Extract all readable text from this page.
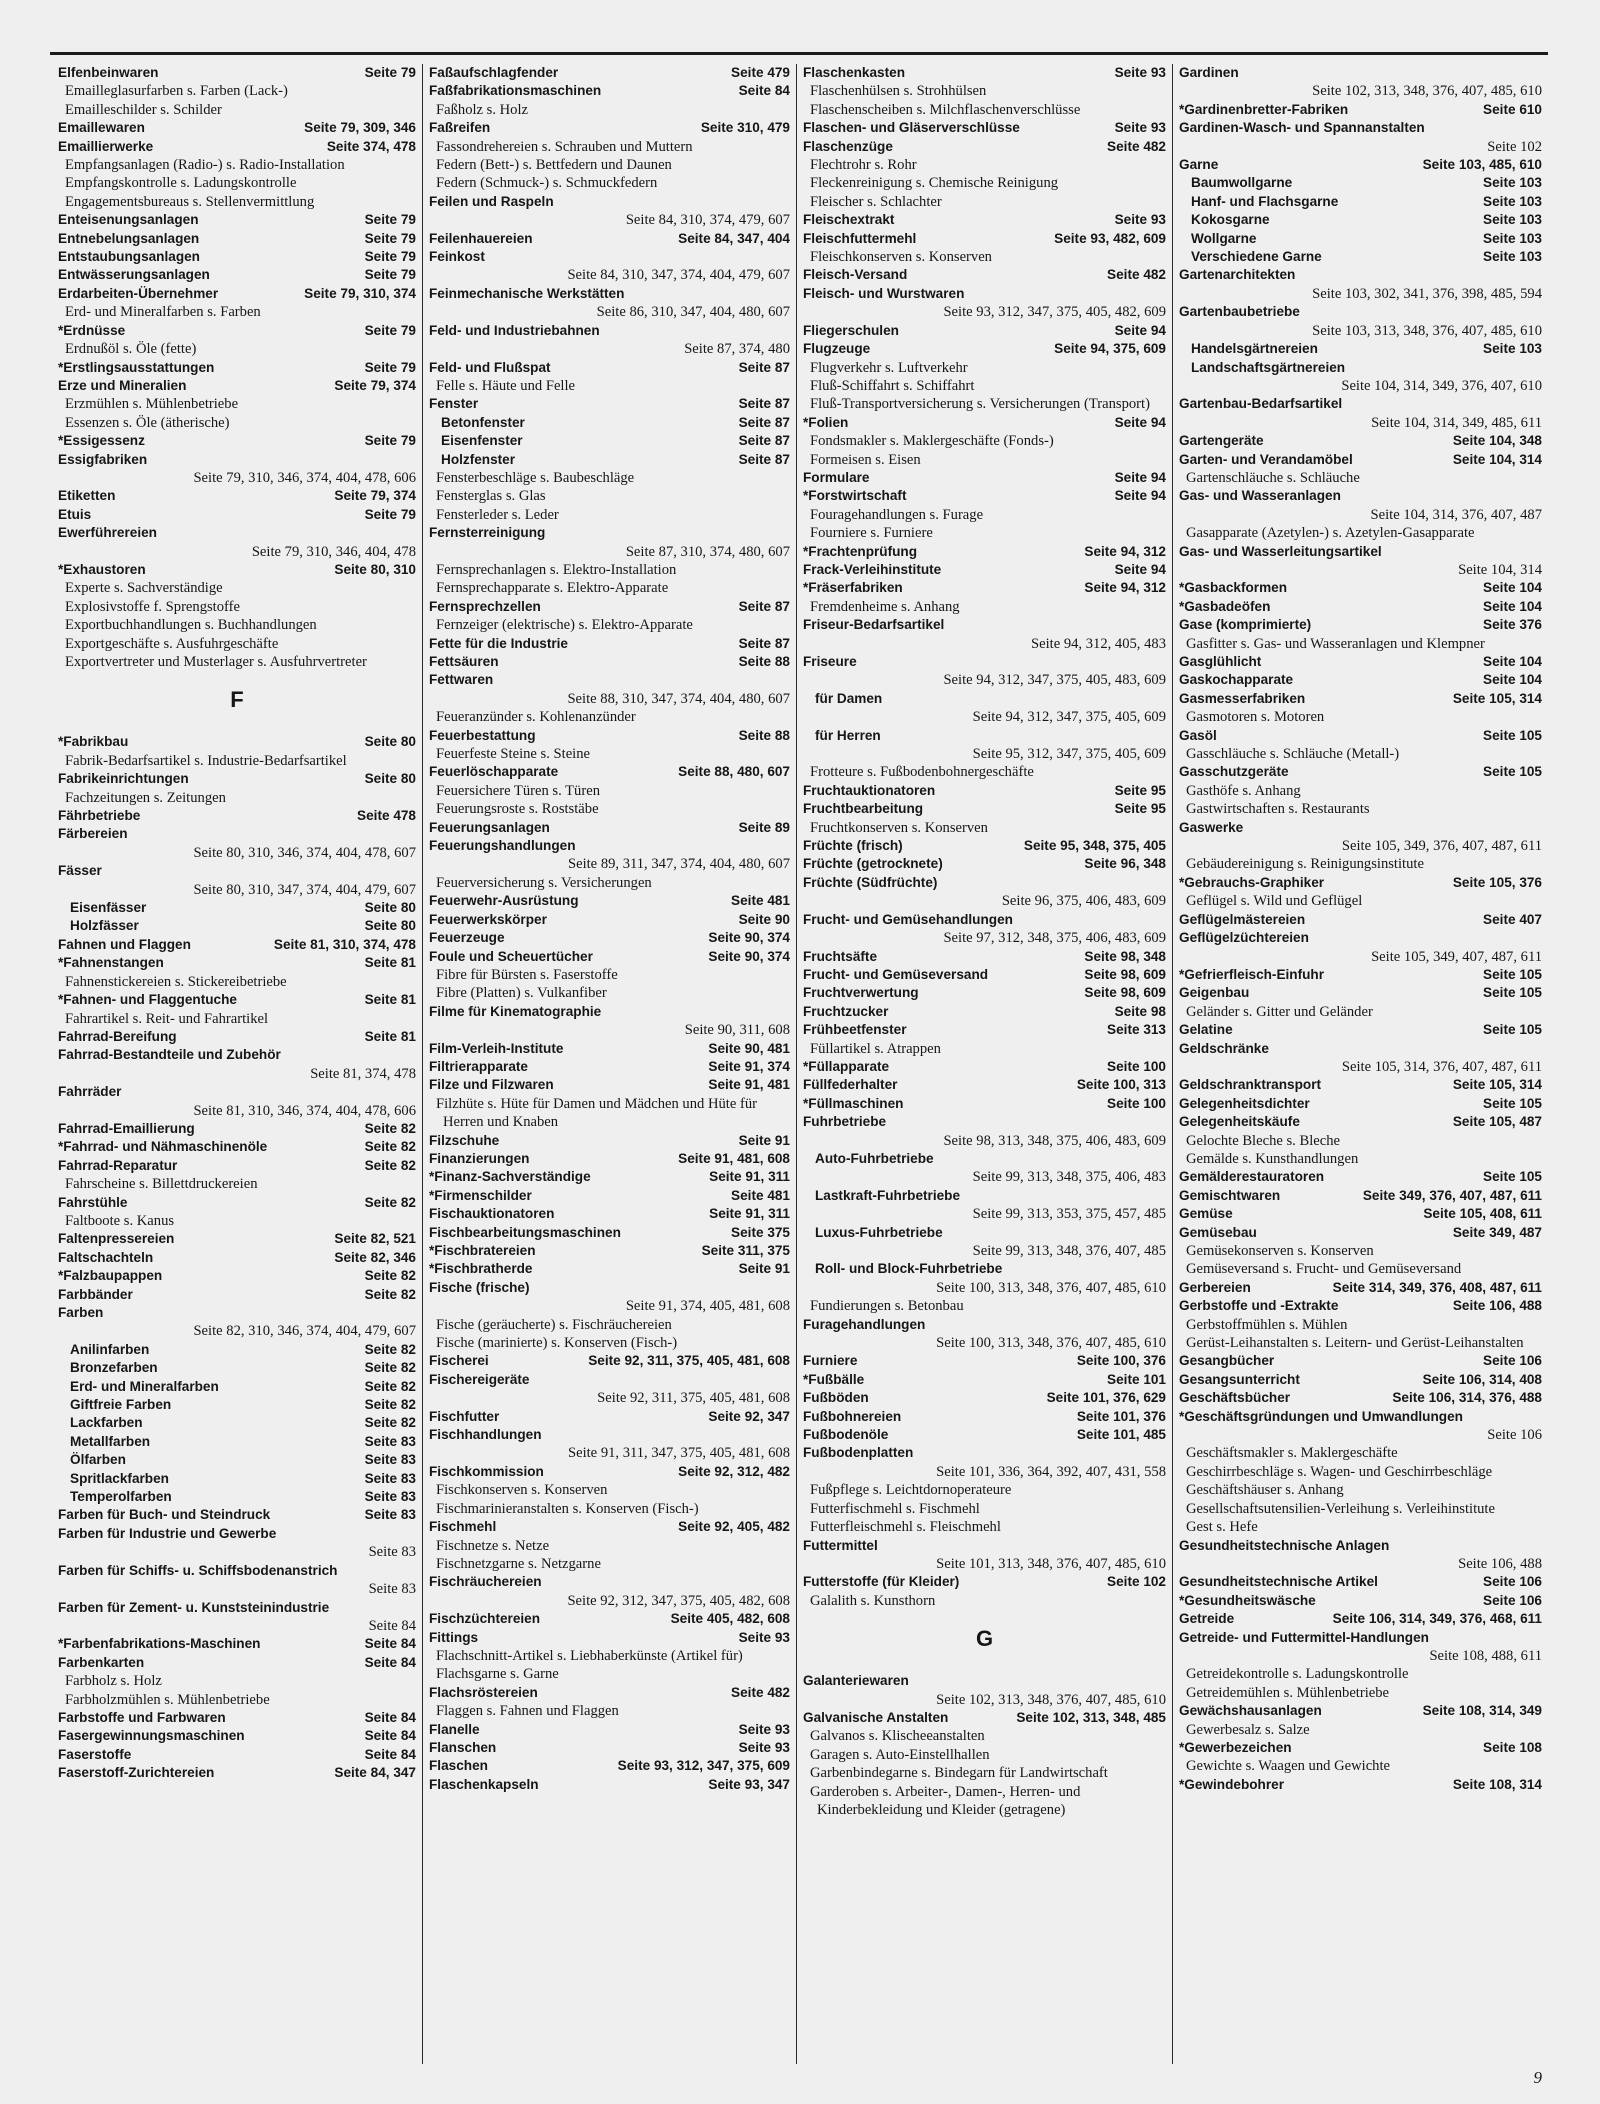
Seite 79
Elfenbeinwaren
Emailleglasurfarben s. Farben (Lack-)
Emailleschilder s. Schilder
Seite 79, 309, 346
Emaillewaren
Seite 374, 478
Emaillierwerke
Empfangsanlagen (Radio-) s. Radio-Installation
Empfangskontrolle s. Ladungskontrolle
Engagementsbureaus s. Stellenvermittlung
Seite 79
Enteisenungsanlagen
Seite 79
Entnebelungsanlagen
Seite 79
Entstaubungsanlagen
Seite 79
Entwässerungsanlagen
Seite 79, 310, 374
Erdarbeiten-Übernehmer
Erd- und Mineralfarben s. Farben
Seite 79
*Erdnüsse
Erdnußöl s. Öle (fette)
Seite 79
*Erstlingsausstattungen
Seite 79, 374
Erze und Mineralien
Erzmühlen s. Mühlenbetriebe
Essenzen s. Öle (ätherische)
Seite 79
*Essigessenz
Essigfabriken
Seite 79, 310, 346, 374, 404, 478, 606
Seite 79, 374
Etiketten
Seite 79
Etuis
Ewerführereien
Seite 79, 310, 346, 404, 478
Seite 80, 310
*Exhaustoren
Experte s. Sachverständige
Explosivstoffe f. Sprengstoffe
Exportbuchhandlungen s. Buchhandlungen
Exportgeschäfte s. Ausfuhrgeschäfte
Exportvertreter und Musterlager s. Ausfuhrvertreter
F
Seite 80
*Fabrikbau
Fabrik-Bedarfsartikel s. Industrie-Bedarfsartikel
Seite 80
Fabrikeinrichtungen
Fachzeitungen s. Zeitungen
Seite 478
Fährbetriebe
Färbereien
Seite 80, 310, 346, 374, 404, 478, 607
Fässer
Seite 80, 310, 347, 374, 404, 479, 607
Seite 80
Eisenfässer
Seite 80
Holzfässer
Seite 81, 310, 374, 478
Fahnen und Flaggen
Seite 81
*Fahnenstangen
Fahnenstickereien s. Stickereibetriebe
Seite 81
*Fahnen- und Flaggentuche
Fahrartikel s. Reit- und Fahrartikel
Seite 81
Fahrrad-Bereifung
Fahrrad-Bestandteile und Zubehör
Seite 81, 374, 478
Fahrräder
Seite 81, 310, 346, 374, 404, 478, 606
Seite 82
Fahrrad-Emaillierung
Seite 82
*Fahrrad- und Nähmaschinenöle
Seite 82
Fahrrad-Reparatur
Fahrscheine s. Billettdruckereien
Seite 82
Fahrstühle
Faltboote s. Kanus
Seite 82, 521
Faltenpressereien
Seite 82, 346
Faltschachteln
Seite 82
*Falzbaupappen
Seite 82
Farbbänder
Farben
Seite 82, 310, 346, 374, 404, 479, 607
Seite 82
Anilinfarben
Seite 82
Bronzefarben
Seite 82
Erd- und Mineralfarben
Seite 82
Giftfreie Farben
Seite 82
Lackfarben
Seite 83
Metallfarben
Seite 83
Ölfarben
Seite 83
Spritlackfarben
Seite 83
Temperolfarben
Seite 83
Farben für Buch- und Steindruck
Farben für Industrie und Gewerbe
Seite 83
Farben für Schiffs- u. Schiffsbodenanstrich
Seite 83
Farben für Zement- u. Kunststeinindustrie
Seite 84
Seite 84
*Farbenfabrikations-Maschinen
Seite 84
Farbenkarten
Farbholz s. Holz
Farbholzmühlen s. Mühlenbetriebe
Seite 84
Farbstoffe und Farbwaren
Seite 84
Fasergewinnungsmaschinen
Seite 84
Faserstoffe
Seite 84, 347
Faserstoff-Zurichtereien
Seite 479
Faßaufschlagfender
Seite 84
Faßfabrikationsmaschinen
Faßholz s. Holz
Seite 310, 479
Faßreifen
Fassondrehereien s. Schrauben und Muttern
Federn (Bett-) s. Bettfedern und Daunen
Federn (Schmuck-) s. Schmuckfedern
Feilen und Raspeln
Seite 84, 310, 374, 479, 607
Seite 84, 347, 404
Feilenhauereien
Feinkost
Seite 84, 310, 347, 374, 404, 479, 607
Feinmechanische Werkstätten
Seite 86, 310, 347, 404, 480, 607
Feld- und Industriebahnen
Seite 87, 374, 480
Seite 87
Feld- und Flußspat
Felle s. Häute und Felle
Seite 87
Fenster
Seite 87
Betonfenster
Seite 87
Eisenfenster
Seite 87
Holzfenster
Fensterbeschläge s. Baubeschläge
Fensterglas s. Glas
Fensterleder s. Leder
Fernsterreinigung
Seite 87, 310, 374, 480, 607
Fernsprechanlagen s. Elektro-Installation
Fernsprechapparate s. Elektro-Apparate
Seite 87
Fernsprechzellen
Fernzeiger (elektrische) s. Elektro-Apparate
Seite 87
Fette für die Industrie
Seite 88
Fettsäuren
Fettwaren
Seite 88, 310, 347, 374, 404, 480, 607
Feueranzünder s. Kohlenanzünder
Seite 88
Feuerbestattung
Feuerfeste Steine s. Steine
Seite 88, 480, 607
Feuerlöschapparate
Feuersichere Türen s. Türen
Feuerungsroste s. Roststäbe
Seite 89
Feuerungsanlagen
Feuerungshandlungen
Seite 89, 311, 347, 374, 404, 480, 607
Feuerversicherung s. Versicherungen
Seite 481
Feuerwehr-Ausrüstung
Seite 90
Feuerwerkskörper
Seite 90, 374
Feuerzeuge
Seite 90, 374
Foule und Scheuertücher
Fibre für Bürsten s. Faserstoffe
Fibre (Platten) s. Vulkanfiber
Filme für Kinematographie
Seite 90, 311, 608
Seite 90, 481
Film-Verleih-Institute
Seite 91, 374
Filtrierapparate
Seite 91, 481
Filze und Filzwaren
Filzhüte s. Hüte für Damen und Mädchen und Hüte für Herren und Knaben
Seite 91
Filzschuhe
Seite 91, 481, 608
Finanzierungen
Seite 91, 311
*Finanz-Sachverständige
Seite 481
*Firmenschilder
Seite 91, 311
Fischauktionatoren
Seite 375
Fischbearbeitungsmaschinen
Seite 311, 375
*Fischbratereien
Seite 91
*Fischbratherde
Fische (frische)
Seite 91, 374, 405, 481, 608
Fische (geräucherte) s. Fischräuchereien
Fische (marinierte) s. Konserven (Fisch-)
Seite 92, 311, 375, 405, 481, 608
Fischerei
Fischereigeräte
Seite 92, 311, 375, 405, 481, 608
Seite 92, 347
Fischfutter
Fischhandlungen
Seite 91, 311, 347, 375, 405, 481, 608
Seite 92, 312, 482
Fischkommission
Fischkonserven s. Konserven
Fischmarinieranstalten s. Konserven (Fisch-)
Seite 92, 405, 482
Fischmehl
Fischnetze s. Netze
Fischnetzgarne s. Netzgarne
Fischräuchereien
Seite 92, 312, 347, 375, 405, 482, 608
Seite 405, 482, 608
Fischzüchtereien
Seite 93
Fittings
Flachschnitt-Artikel s. Liebhaberkünste (Artikel für)
Flachsgarne s. Garne
Seite 482
Flachsröstereien
Flaggen s. Fahnen und Flaggen
Seite 93
Flanelle
Seite 93
Flanschen
Seite 93, 312, 347, 375, 609
Flaschen
Seite 93, 347
Flaschenkapseln
Seite 93
Flaschenkasten
Flaschenhülsen s. Strohhülsen
Flaschenscheiben s. Milchflaschenverschlüsse
Seite 93
Flaschen- und Gläserverschlüsse
Seite 482
Flaschenzüge
Flechtrohr s. Rohr
Fleckenreinigung s. Chemische Reinigung
Fleischer s. Schlachter
Seite 93
Fleischextrakt
Seite 93, 482, 609
Fleischfuttermehl
Fleischkonserven s. Konserven
Seite 482
Fleisch-Versand
Fleisch- und Wurstwaren
Seite 93, 312, 347, 375, 405, 482, 609
Seite 94
Fliegerschulen
Seite 94, 375, 609
Flugzeuge
Flugverkehr s. Luftverkehr
Fluß-Schiffahrt s. Schiffahrt
Fluß-Transportversicherung s. Versicherungen (Transport)
Seite 94
*Folien
Fondsmakler s. Maklergeschäfte (Fonds-)
Formeisen s. Eisen
Seite 94
Formulare
Seite 94
*Forstwirtschaft
Fouragehandlungen s. Furage
Fourniere s. Furniere
Seite 94, 312
*Frachtenprüfung
Seite 94
Frack-Verleihinstitute
Seite 94, 312
*Fräserfabriken
Fremdenheime s. Anhang
Friseur-Bedarfsartikel
Seite 94, 312, 405, 483
Friseure
Seite 94, 312, 347, 375, 405, 483, 609
für Damen
Seite 94, 312, 347, 375, 405, 609
für Herren
Seite 95, 312, 347, 375, 405, 609
Frotteure s. Fußbodenbohnergeschäfte
Seite 95
Fruchtauktionatoren
Seite 95
Fruchtbearbeitung
Fruchtkonserven s. Konserven
Seite 95, 348, 375, 405
Früchte (frisch)
Seite 96, 348
Früchte (getrocknete)
Früchte (Südfrüchte)
Seite 96, 375, 406, 483, 609
Frucht- und Gemüsehandlungen
Seite 97, 312, 348, 375, 406, 483, 609
Seite 98, 348
Fruchtsäfte
Seite 98, 609
Frucht- und Gemüseversand
Seite 98, 609
Fruchtverwertung
Seite 98
Fruchtzucker
Seite 313
Frühbeetfenster
Füllartikel s. Atrappen
Seite 100
*Füllapparate
Seite 100, 313
Füllfederhalter
Seite 100
*Füllmaschinen
Fuhrbetriebe
Seite 98, 313, 348, 375, 406, 483, 609
Auto-Fuhrbetriebe
Seite 99, 313, 348, 375, 406, 483
Lastkraft-Fuhrbetriebe
Seite 99, 313, 353, 375, 457, 485
Luxus-Fuhrbetriebe
Seite 99, 313, 348, 376, 407, 485
Roll- und Block-Fuhrbetriebe
Seite 100, 313, 348, 376, 407, 485, 610
Fundierungen s. Betonbau
Furagehandlungen
Seite 100, 313, 348, 376, 407, 485, 610
Seite 100, 376
Furniere
Seite 101
*Fußbälle
Seite 101, 376, 629
Fußböden
Seite 101, 376
Fußbohnereien
Seite 101, 485
Fußbodenöle
Fußbodenplatten
Seite 101, 336, 364, 392, 407, 431, 558
Fußpflege s. Leichtdornoperateure
Futterfischmehl s. Fischmehl
Futterfleischmehl s. Fleischmehl
Futtermittel
Seite 101, 313, 348, 376, 407, 485, 610
Seite 102
Futterstoffe (für Kleider)
Galalith s. Kunsthorn
G
Galanteriewaren
Seite 102, 313, 348, 376, 407, 485, 610
Seite 102, 313, 348, 485
Galvanische Anstalten
Galvanos s. Klischeeanstalten
Garagen s. Auto-Einstellhallen
Garbenbindegarne s. Bindegarn für Landwirtschaft
Garderoben s. Arbeiter-, Damen-, Herren- und Kinderbekleidung und Kleider (getragene)
Gardinen
Seite 102, 313, 348, 376, 407, 485, 610
Seite 610
*Gardinenbretter-Fabriken
Gardinen-Wasch- und Spannanstalten
Seite 102
Seite 103, 485, 610
Garne
Seite 103
Baumwollgarne
Seite 103
Hanf- und Flachsgarne
Seite 103
Kokosgarne
Seite 103
Wollgarne
Seite 103
Verschiedene Garne
Gartenarchitekten
Seite 103, 302, 341, 376, 398, 485, 594
Gartenbaubetriebe
Seite 103, 313, 348, 376, 407, 485, 610
Seite 103
Handelsgärtnereien
Landschaftsgärtnereien
Seite 104, 314, 349, 376, 407, 610
Gartenbau-Bedarfsartikel
Seite 104, 314, 349, 485, 611
Seite 104, 348
Gartengeräte
Seite 104, 314
Garten- und Verandamöbel
Gartenschläuche s. Schläuche
Gas- und Wasseranlagen
Seite 104, 314, 376, 407, 487
Gasapparate (Azetylen-) s. Azetylen-Gasapparate
Gas- und Wasserleitungsartikel
Seite 104, 314
Seite 104
*Gasbackformen
Seite 104
*Gasbadeöfen
Seite 376
Gase (komprimierte)
Gasfitter s. Gas- und Wasseranlagen und Klempner
Seite 104
Gasglühlicht
Seite 104
Gaskochapparate
Seite 105, 314
Gasmesserfabriken
Gasmotoren s. Motoren
Seite 105
Gasöl
Gasschläuche s. Schläuche (Metall-)
Seite 105
Gasschutzgeräte
Gasthöfe s. Anhang
Gastwirtschaften s. Restaurants
Gaswerke
Seite 105, 349, 376, 407, 487, 611
Gebäudereinigung s. Reinigungsinstitute
Seite 105, 376
*Gebrauchs-Graphiker
Geflügel s. Wild und Geflügel
Seite 407
Geflügelmästereien
Geflügelzüchtereien
Seite 105, 349, 407, 487, 611
Seite 105
*Gefrierfleisch-Einfuhr
Seite 105
Geigenbau
Geländer s. Gitter und Geländer
Seite 105
Gelatine
Geldschränke
Seite 105, 314, 376, 407, 487, 611
Seite 105, 314
Geldschranktransport
Seite 105
Gelegenheitsdichter
Seite 105, 487
Gelegenheitskäufe
Gelochte Bleche s. Bleche
Gemälde s. Kunsthandlungen
Seite 105
Gemälderestauratoren
Seite 349, 376, 407, 487, 611
Gemischtwaren
Seite 105, 408, 611
Gemüse
Seite 349, 487
Gemüsebau
Gemüsekonserven s. Konserven
Gemüseversand s. Frucht- und Gemüseversand
Seite 314, 349, 376, 408, 487, 611
Gerbereien
Seite 106, 488
Gerbstoffe und -Extrakte
Gerbstoffmühlen s. Mühlen
Gerüst-Leihanstalten s. Leitern- und Gerüst-Leihanstalten
Seite 106
Gesangbücher
Seite 106, 314, 408
Gesangsunterricht
Seite 106, 314, 376, 488
Geschäftsbücher
*Geschäftsgründungen und Umwandlungen
Seite 106
Geschäftsmakler s. Maklergeschäfte
Geschirrbeschläge s. Wagen- und Geschirrbeschläge
Geschäftshäuser s. Anhang
Gesellschaftsutensilien-Verleihung s. Verleihinstitute
Gest s. Hefe
Gesundheitstechnische Anlagen
Seite 106, 488
Seite 106
Gesundheitstechnische Artikel
Seite 106
*Gesundheitswäsche
Seite 106, 314, 349, 376, 468, 611
Getreide
Getreide- und Futtermittel-Handlungen
Seite 108, 488, 611
Getreidekontrolle s. Ladungskontrolle
Getreidemühlen s. Mühlenbetriebe
Seite 108, 314, 349
Gewächshausanlagen
Gewerbesalz s. Salze
Seite 108
*Gewerbezeichen
Gewichte s. Waagen und Gewichte
Seite 108, 314
*Gewindebohrer
9
